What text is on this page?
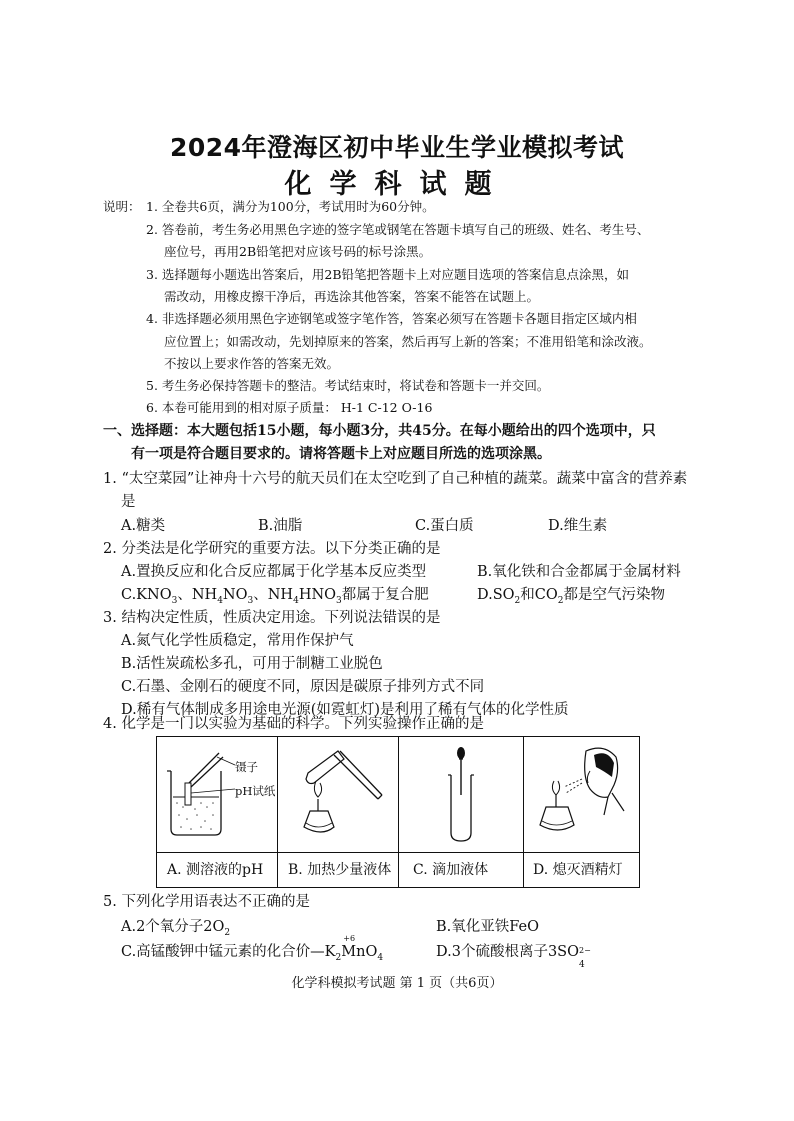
2024年澄海区初中毕业生学业模拟考试
化学科试题
说明： 1. 全卷共6页，满分为100分，考试用时为60分钟。
2. 答卷前，考生务必用黑色字迹的签字笔或钢笔在答题卡填写自己的班级、姓名、考生号、
座位号，再用2B铅笔把对应该号码的标号涂黑。
3. 选择题每小题选出答案后，用2B铅笔把答题卡上对应题目选项的答案信息点涂黑，如
需改动，用橡皮擦干净后，再选涂其他答案，答案不能答在试题上。
4. 非选择题必须用黑色字迹钢笔或签字笔作答，答案必须写在答题卡各题目指定区域内相
应位置上；如需改动，先划掉原来的答案，然后再写上新的答案；不准用铅笔和涂改液。
不按以上要求作答的答案无效。
5. 考生务必保持答题卡的整洁。考试结束时，将试卷和答题卡一并交回。
6. 本卷可能用到的相对原子质量： H-1 C-12 O-16
一、选择题：本大题包括15小题，每小题3分，共45分。在每小题给出的四个选项中，只
有一项是符合题目要求的。请将答题卡上对应题目所选的选项涂黑。
1. “太空菜园”让神舟十六号的航天员们在太空吃到了自己种植的蔬菜。蔬菜中富含的营养素
是
A.糖类	B.油脂	C.蛋白质	D.维生素
2. 分类法是化学研究的重要方法。以下分类正确的是
A.置换反应和化合反应都属于化学基本反应类型	B.氧化铁和合金都属于金属材料
$C.KNO_3$、$NH_4NO_3$、$NH_4HNO_3$都属于复合肥	$D.SO_2$和$CO_2$都是空气污染物
3. 结构决定性质，性质决定用途。下列说法错误的是
A.氮气化学性质稳定，常用作保护气
B.活性炭疏松多孔，可用于制糖工业脱色
C.石墨、金刚石的硬度不同，原因是碳原子排列方式不同
D.稀有气体制成多用途电光源(如霓虹灯)是利用了稀有气体的化学性质
4. 化学是一门以实验为基础的科学。下列实验操作正确的是
镊子
pH试纸
A. 测溶液的pH B. 加热少量液体 C. 滴加液体	D. 熄灭酒精灯
5. 下列化学用语表达不正确的是
A.2个氧分子$2O_2$	B.氧化亚铁FeO
C.高锰酸钾中锰元素的化合价$—K_2$
+6
MnO$_4$	D.3个硫酸根离子3SO 2−
4
化学科模拟考试题 第 1 页（共6页）
